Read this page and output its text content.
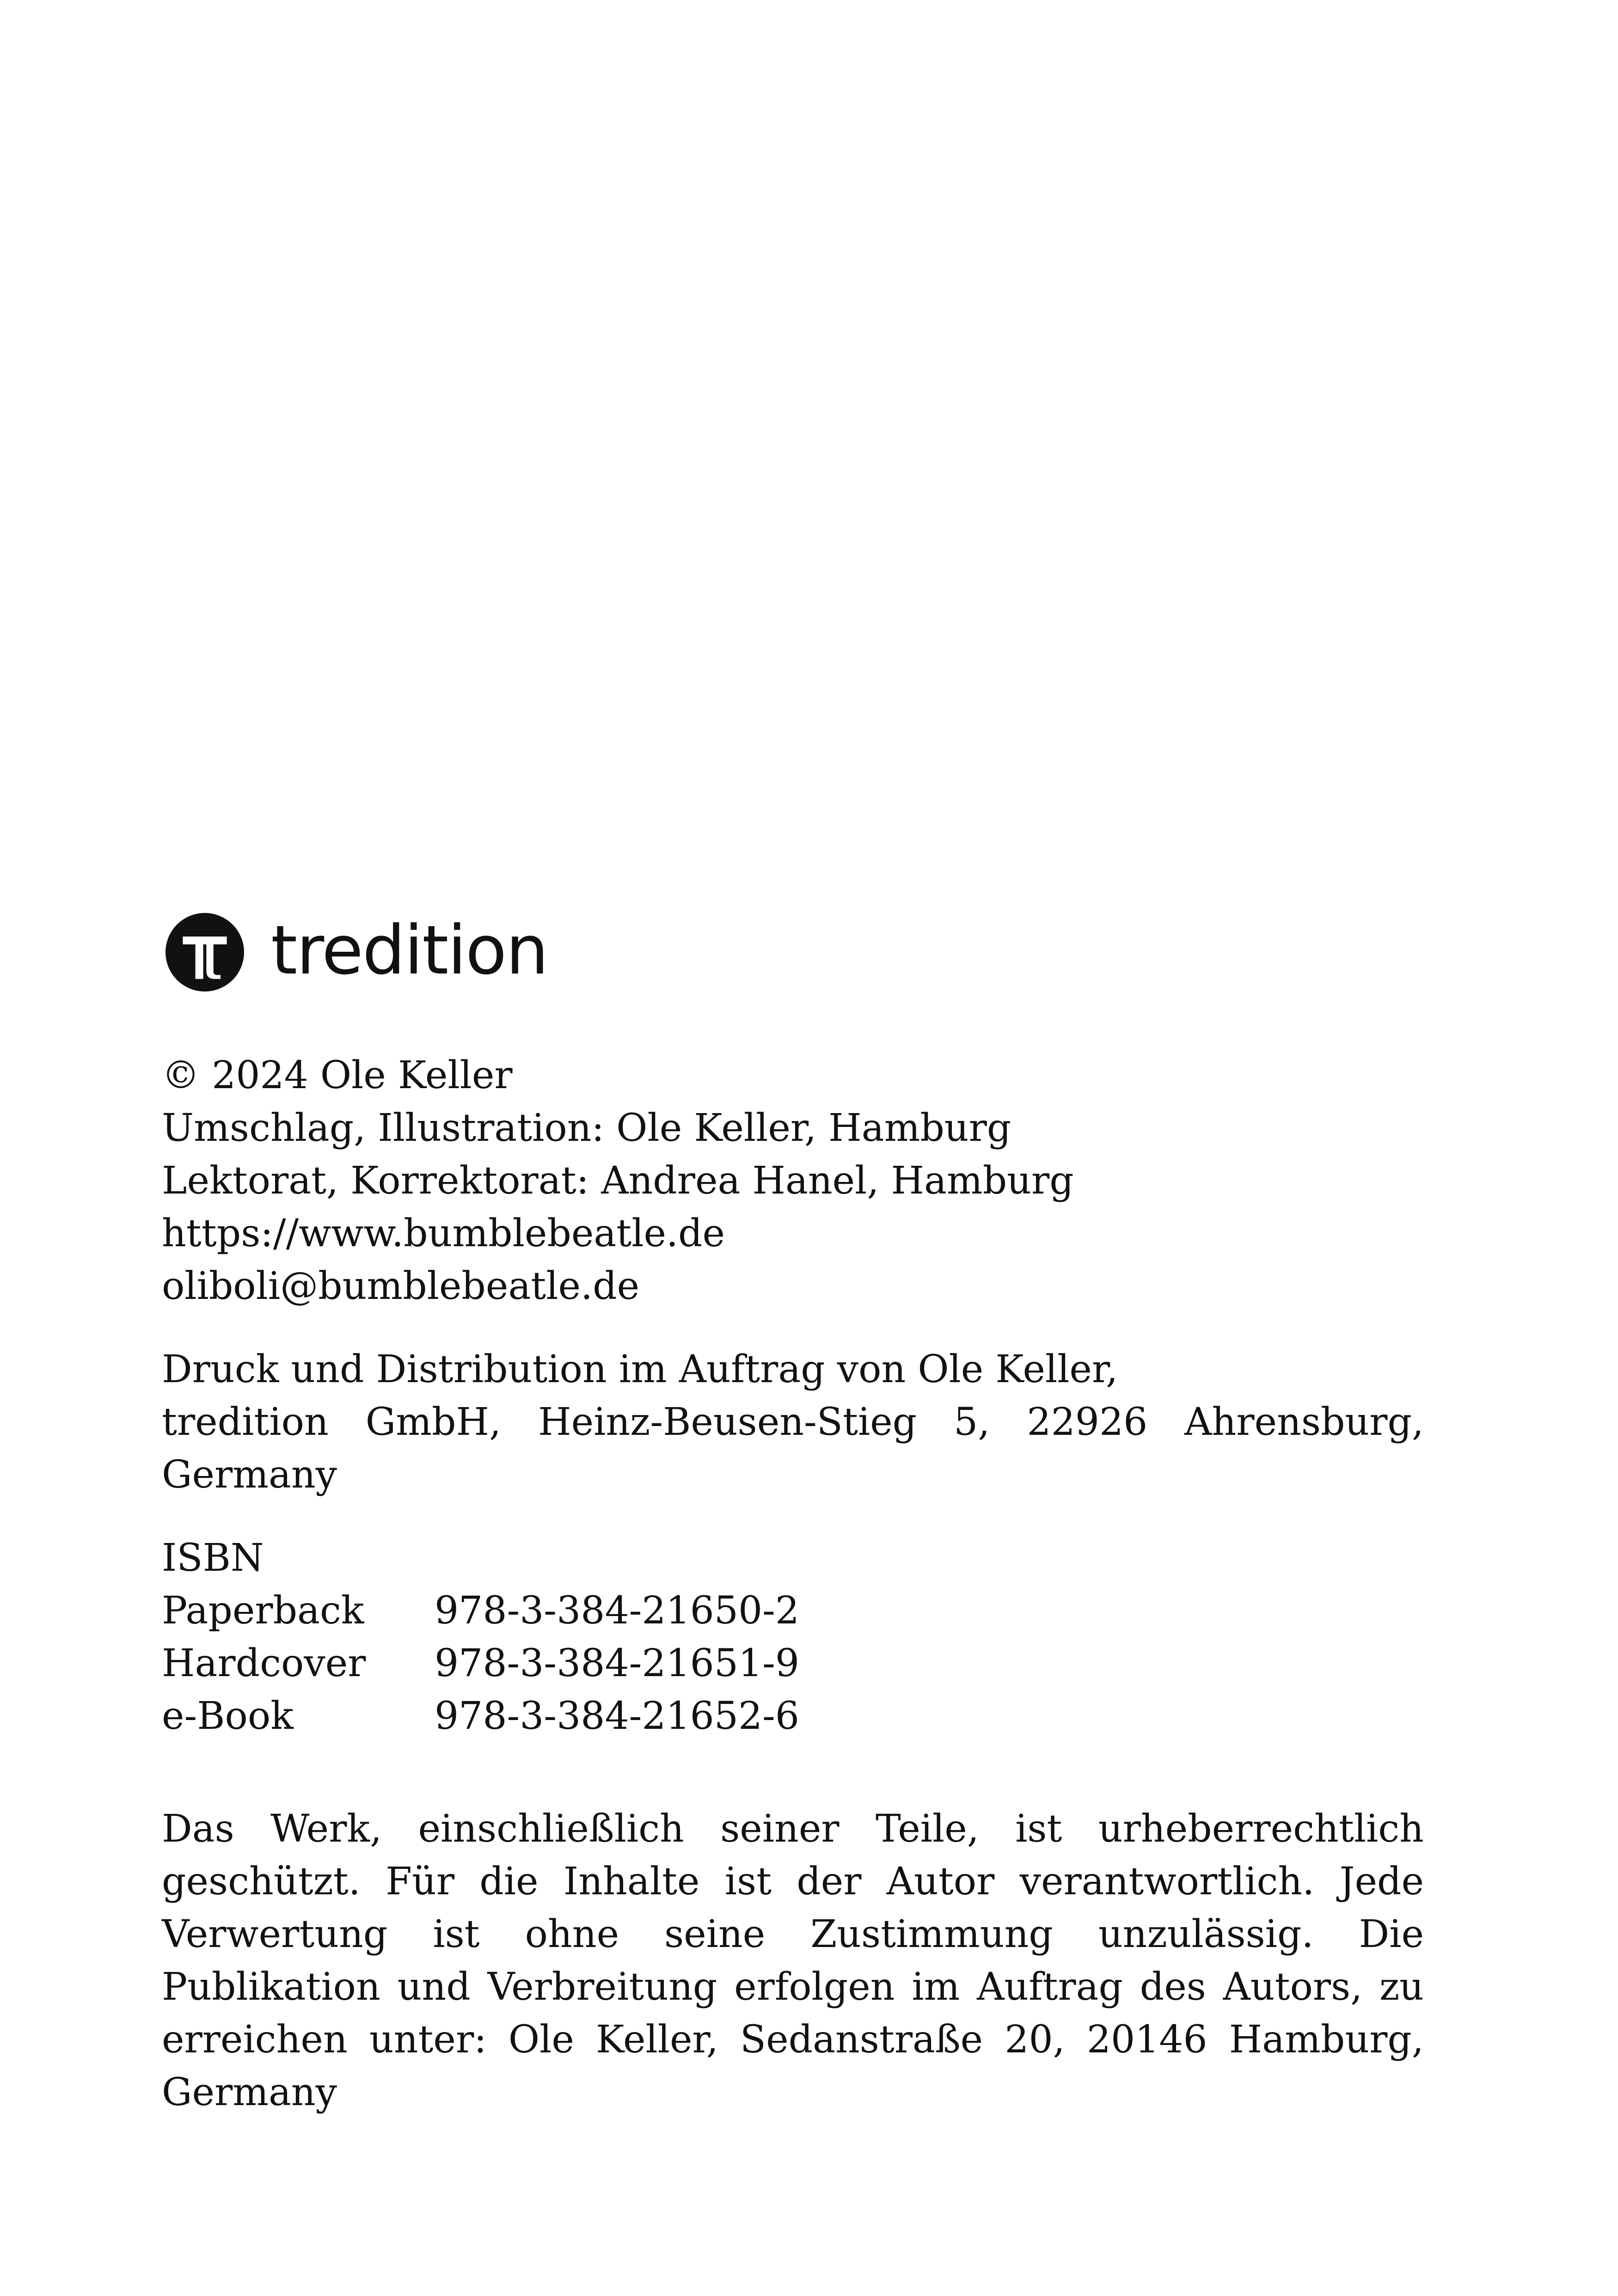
tredition

© 2024 Ole Keller

Umschlag, Illustration: Ole Keller, Hamburg

Lektorat, Korrektorat: Andrea Hanel, Hamburg

https://www.bumblebeatle.de

oliboli@bumblebeatle.de

Druck und Distribution im Auftrag von Ole Keller,

tredition GmbH, Heinz-Beusen-Stieg 5, 22926 Ahrensburg,

Germany

ISBN

Paperback	978-3-384-21650-2
Hardcover	978-3-384-21651-9
e-Book	978-3-384-21652-6

Das Werk, einschließlich seiner Teile, ist urheberrechtlich geschützt. Für die Inhalte ist der Autor verantwortlich. Jede Verwertung ist ohne seine Zustimmung unzulässig. Die Publikation und Verbreitung erfolgen im Auftrag des Autors, zu erreichen unter: Ole Keller, Sedanstraße 20, 20146 Hamburg, Germany
